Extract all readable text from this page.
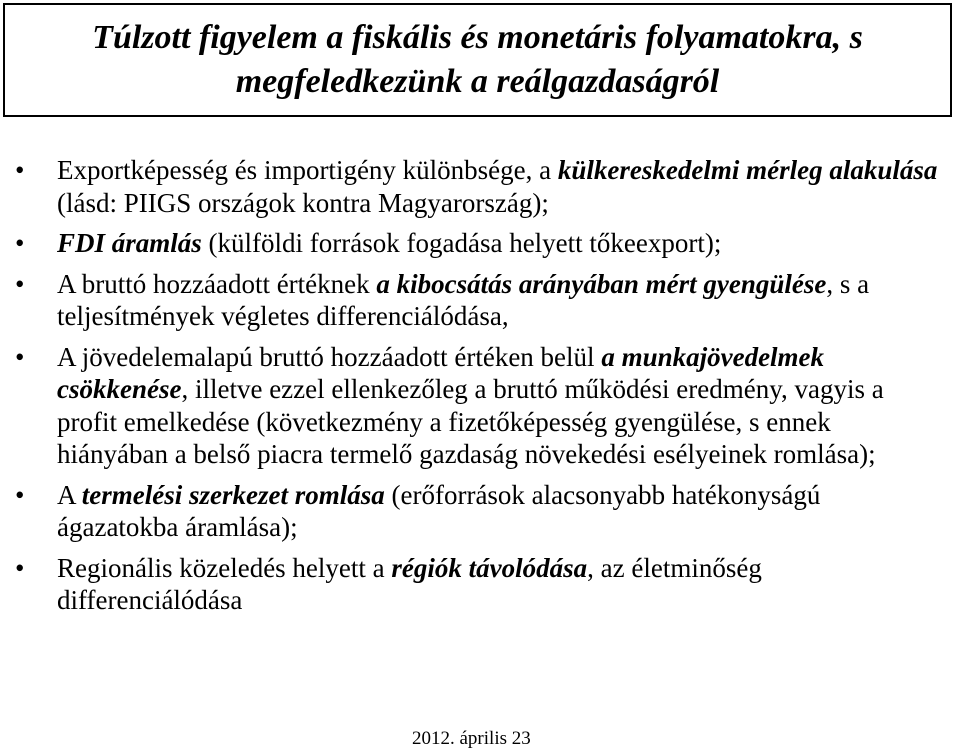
Túlzott figyelem a fiskális és monetáris folyamatokra, s
megfeledkezünk a reálgazdaságról
• Exportképesség és importigény különbsége, a külkereskedelmi mérleg alakulása (lásd: PIIGS országok kontra Magyarország);
• FDI áramlás (külföldi források fogadása helyett tőkeexport);
• A bruttó hozzáadott értéknek a kibocsátás arányában mért gyengülése, s a teljesítmények végletes differenciálódása,
• A jövedelemalapú bruttó hozzáadott értéken belül a munkajövedelmek csökkenése, illetve ezzel ellenkezőleg a bruttó működési eredmény, vagyis a profit emelkedése (következmény a fizetőképesség gyengülése, s ennek hiányában a belső piacra termelő gazdaság növekedési esélyeinek romlása);
• A termelési szerkezet romlása (erőforrások alacsonyabb hatékonyságú ágazatokba áramlása);
• Regionális közeledés helyett a régiók távolódása, az életminőség differenciálódása
2012. április 23
